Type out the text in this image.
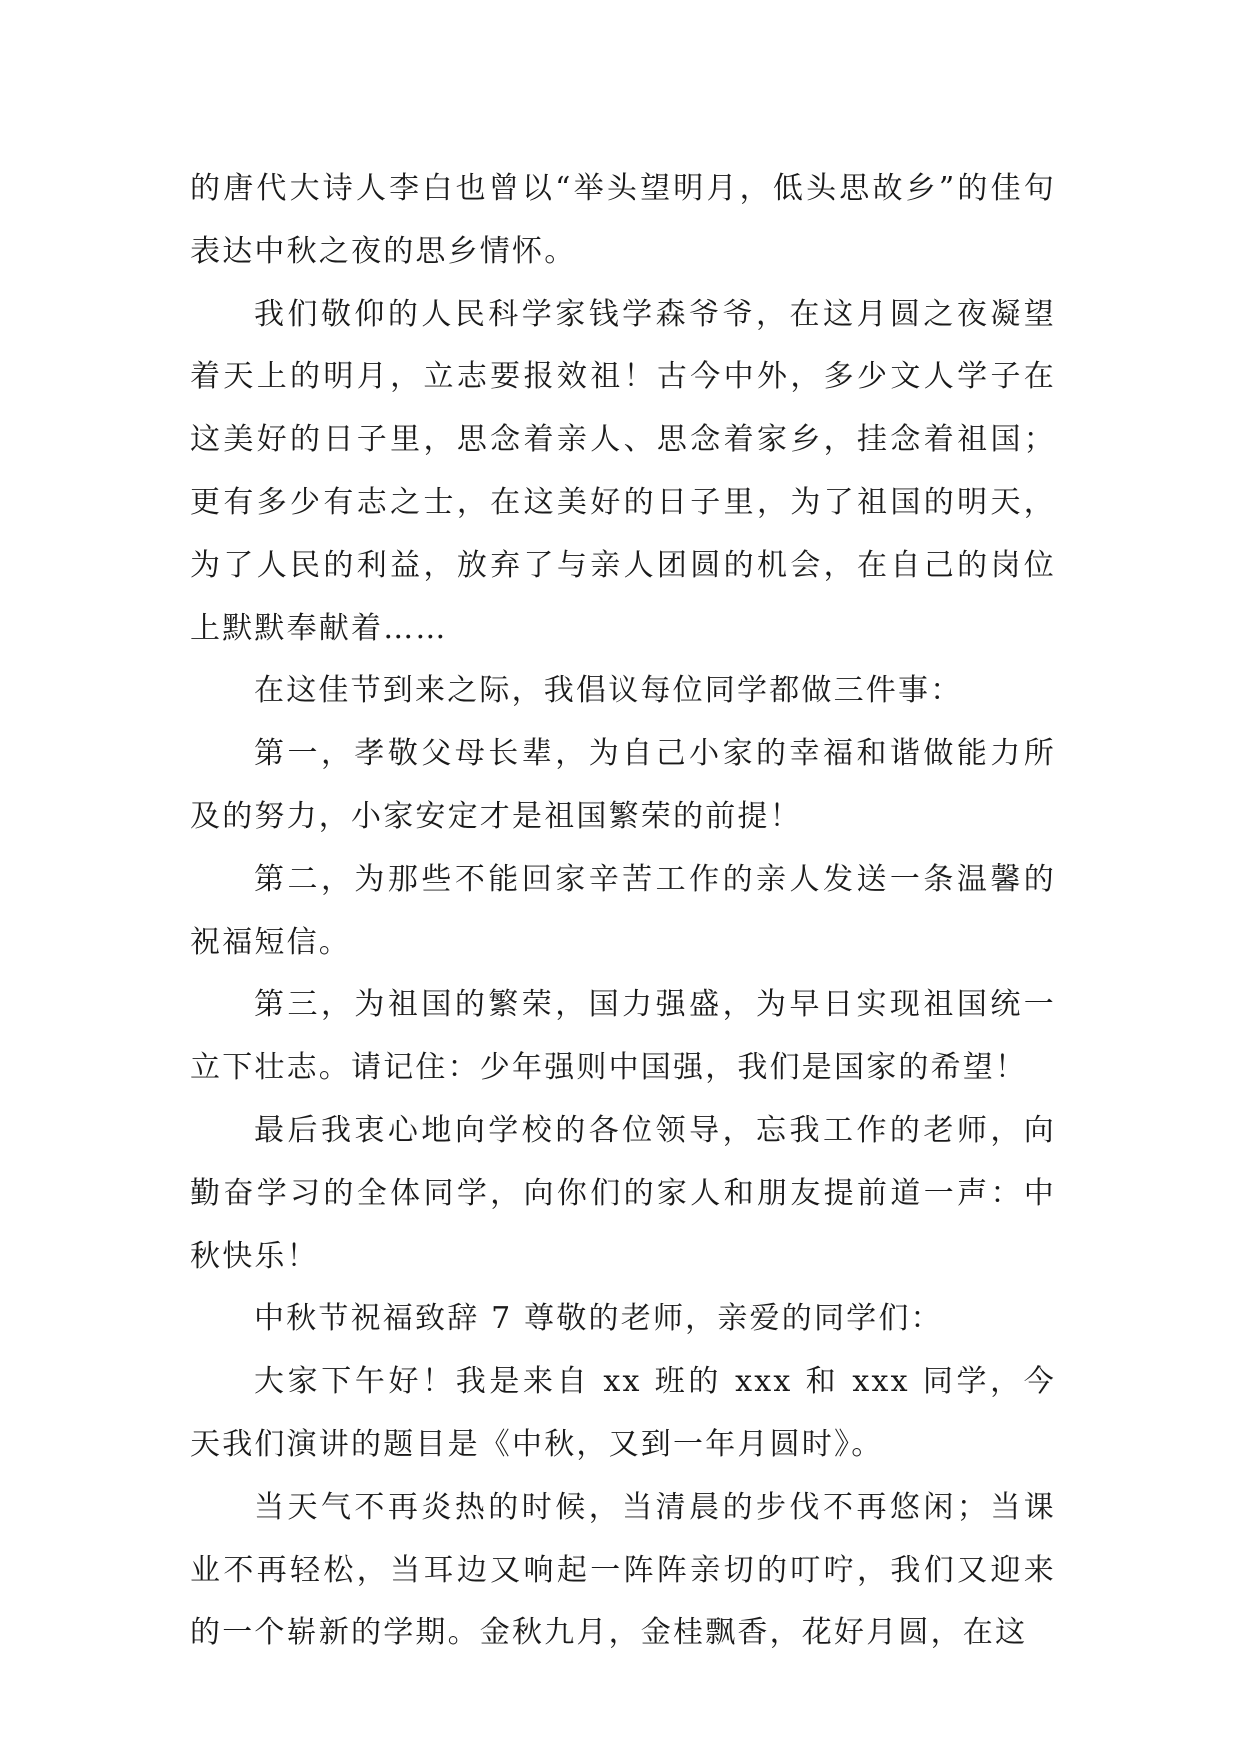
的唐代大诗人李白也曾以“举头望明月，低头思故乡”的佳句表达中秋之夜的思乡情怀。

我们敬仰的人民科学家钱学森爷爷，在这月圆之夜凝望着天上的明月，立志要报效祖！古今中外，多少文人学子在这美好的日子里，思念着亲人、思念着家乡，挂念着祖国；更有多少有志之士，在这美好的日子里，为了祖国的明天，为了人民的利益，放弃了与亲人团圆的机会，在自己的岗位上默默奉献着……

在这佳节到来之际，我倡议每位同学都做三件事：

第一，孝敬父母长辈，为自己小家的幸福和谐做能力所及的努力，小家安定才是祖国繁荣的前提！

第二，为那些不能回家辛苦工作的亲人发送一条温馨的祝福短信。

第三，为祖国的繁荣，国力强盛，为早日实现祖国统一立下壮志。请记住：少年强则中国强，我们是国家的希望！

最后我衷心地向学校的各位领导，忘我工作的老师，向勤奋学习的全体同学，向你们的家人和朋友提前道一声：中秋快乐！

中秋节祝福致辞 7 尊敬的老师，亲爱的同学们：

大家下午好！我是来自 xx 班的 xxx 和 xxx 同学，今天我们演讲的题目是《中秋，又到一年月圆时》。

当天气不再炎热的时候，当清晨的步伐不再悠闲；当课业不再轻松，当耳边又响起一阵阵亲切的叮咛，我们又迎来的一个崭新的学期。金秋九月，金桂飘香，花好月圆，在这
